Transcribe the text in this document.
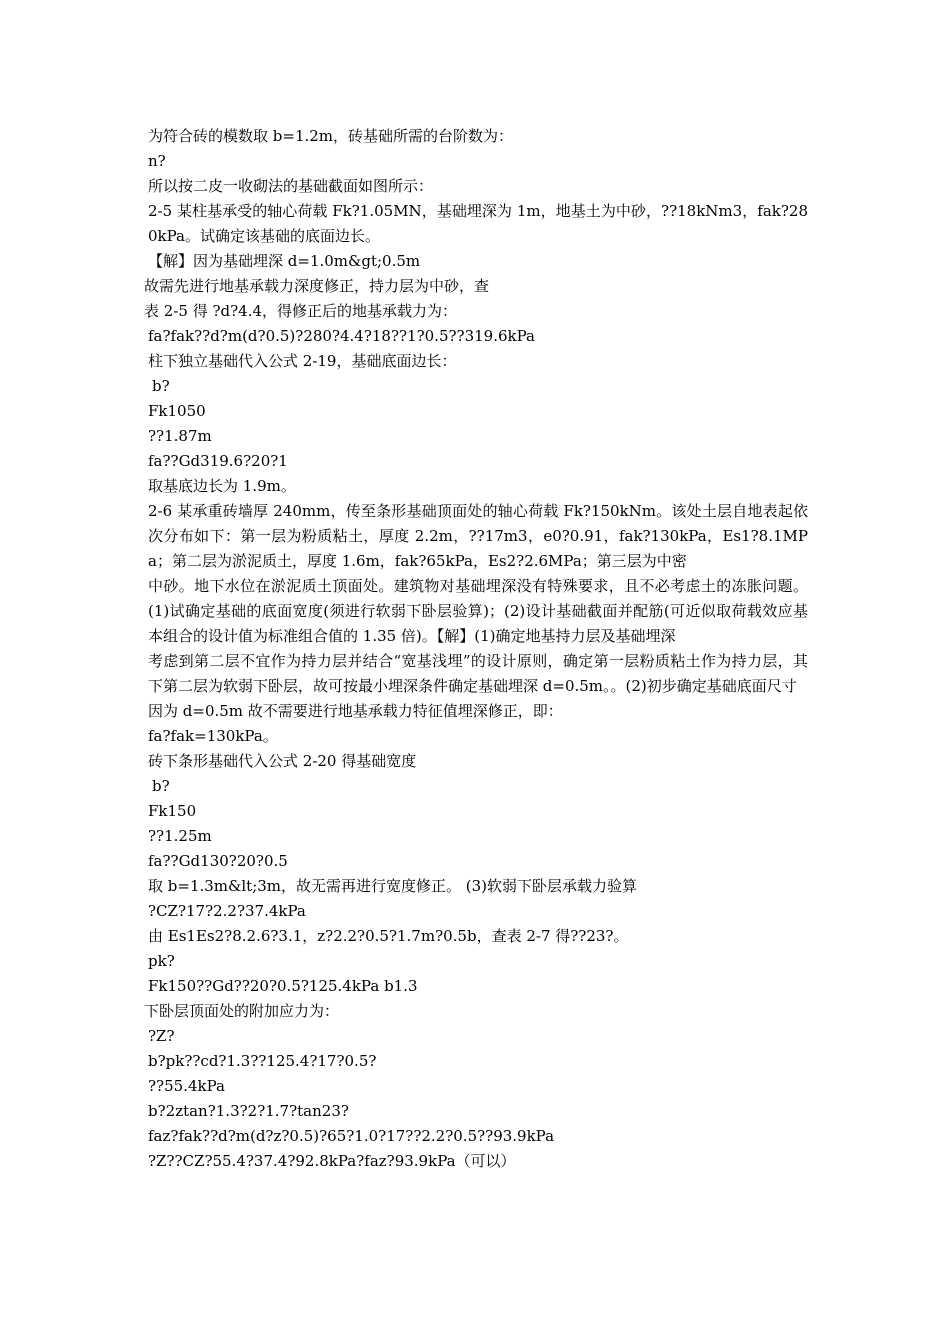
为符合砖的模数取 b=1.2m，砖基础所需的台阶数为：

n?

所以按二皮一收砌法的基础截面如图所示：

2-5 某柱基承受的轴心荷载 Fk?1.05MN，基础埋深为 1m，地基土为中砂，??18kNm3，fak?280kPa。试确定该基础的底面边长。

【解】因为基础埋深 d=1.0m&gt;0.5m

故需先进行地基承载力深度修正，持力层为中砂，查

表 2-5 得 ?d?4.4，得修正后的地基承载力为：

fa?fak??d?m(d?0.5)?280?4.4?18??1?0.5??319.6kPa

柱下独立基础代入公式 2-19，基础底面边长：

b?

Fk1050

??1.87m

fa??Gd319.6?20?1

取基底边长为 1.9m。

2-6 某承重砖墙厚 240mm，传至条形基础顶面处的轴心荷载 Fk?150kNm。该处土层自地表起依次分布如下：第一层为粉质粘土，厚度 2.2m，??17m3，e0?0.91，fak?130kPa，Es1?8.1MPa；第二层为淤泥质土，厚度 1.6m，fak?65kPa，Es2?2.6MPa；第三层为中密

中砂。地下水位在淤泥质土顶面处。建筑物对基础埋深没有特殊要求，且不必考虑土的冻胀问题。(1)试确定基础的底面宽度(须进行软弱下卧层验算)；(2)设计基础截面并配筋(可近似取荷载效应基本组合的设计值为标准组合值的 1.35 倍)。【解】(1)确定地基持力层及基础埋深

考虑到第二层不宜作为持力层并结合“宽基浅埋”的设计原则，确定第一层粉质粘土作为持力层，其下第二层为软弱下卧层，故可按最小埋深条件确定基础埋深 d=0.5m。。(2)初步确定基础底面尺寸

因为 d=0.5m 故不需要进行地基承载力特征值埋深修正，即：

fa?fak=130kPa。

砖下条形基础代入公式 2-20 得基础宽度

b?

Fk150

??1.25m

fa??Gd130?20?0.5

取 b=1.3m&lt;3m，故无需再进行宽度修正。 (3)软弱下卧层承载力验算

?CZ?17?2.2?37.4kPa

由 Es1Es2?8.2.6?3.1，z?2.2?0.5?1.7m?0.5b，查表 2-7 得??23?。

pk?

Fk150??Gd??20?0.5?125.4kPa b1.3

下卧层顶面处的附加应力为：

?Z?

b?pk??cd?1.3??125.4?17?0.5?

??55.4kPa

b?2ztan?1.3?2?1.7?tan23?

faz?fak??d?m(d?z?0.5)?65?1.0?17??2.2?0.5??93.9kPa

?Z??CZ?55.4?37.4?92.8kPa?faz?93.9kPa（可以）
